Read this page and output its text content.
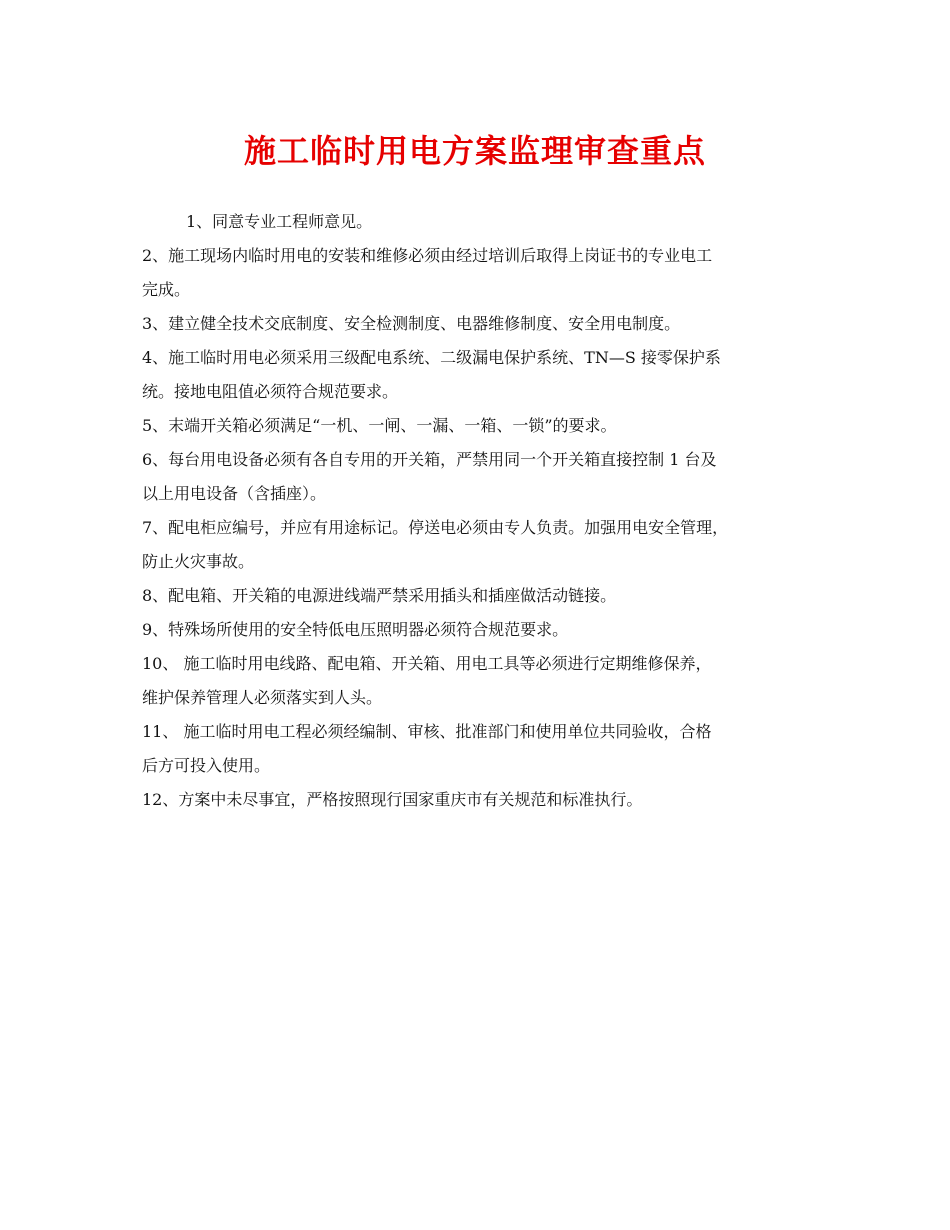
施工临时用电方案监理审查重点

1、同意专业工程师意见。

2、施工现场内临时用电的安装和维修必须由经过培训后取得上岗证书的专业电工
完成。

3、建立健全技术交底制度、安全检测制度、电器维修制度、安全用电制度。

4、施工临时用电必须采用三级配电系统、二级漏电保护系统、TN—S 接零保护系
统。接地电阻值必须符合规范要求。

5、末端开关箱必须满足“一机、一闸、一漏、一箱、一锁”的要求。

6、每台用电设备必须有各自专用的开关箱，严禁用同一个开关箱直接控制 1 台及
以上用电设备（含插座）。

7、配电柜应编号，并应有用途标记。停送电必须由专人负责。加强用电安全管理，
防止火灾事故。

8、配电箱、开关箱的电源进线端严禁采用插头和插座做活动链接。

9、特殊场所使用的安全特低电压照明器必须符合规范要求。

10、 施工临时用电线路、配电箱、开关箱、用电工具等必须进行定期维修保养，
维护保养管理人必须落实到人头。

11、 施工临时用电工程必须经编制、审核、批准部门和使用单位共同验收，合格
后方可投入使用。

12、方案中未尽事宜，严格按照现行国家重庆市有关规范和标准执行。
